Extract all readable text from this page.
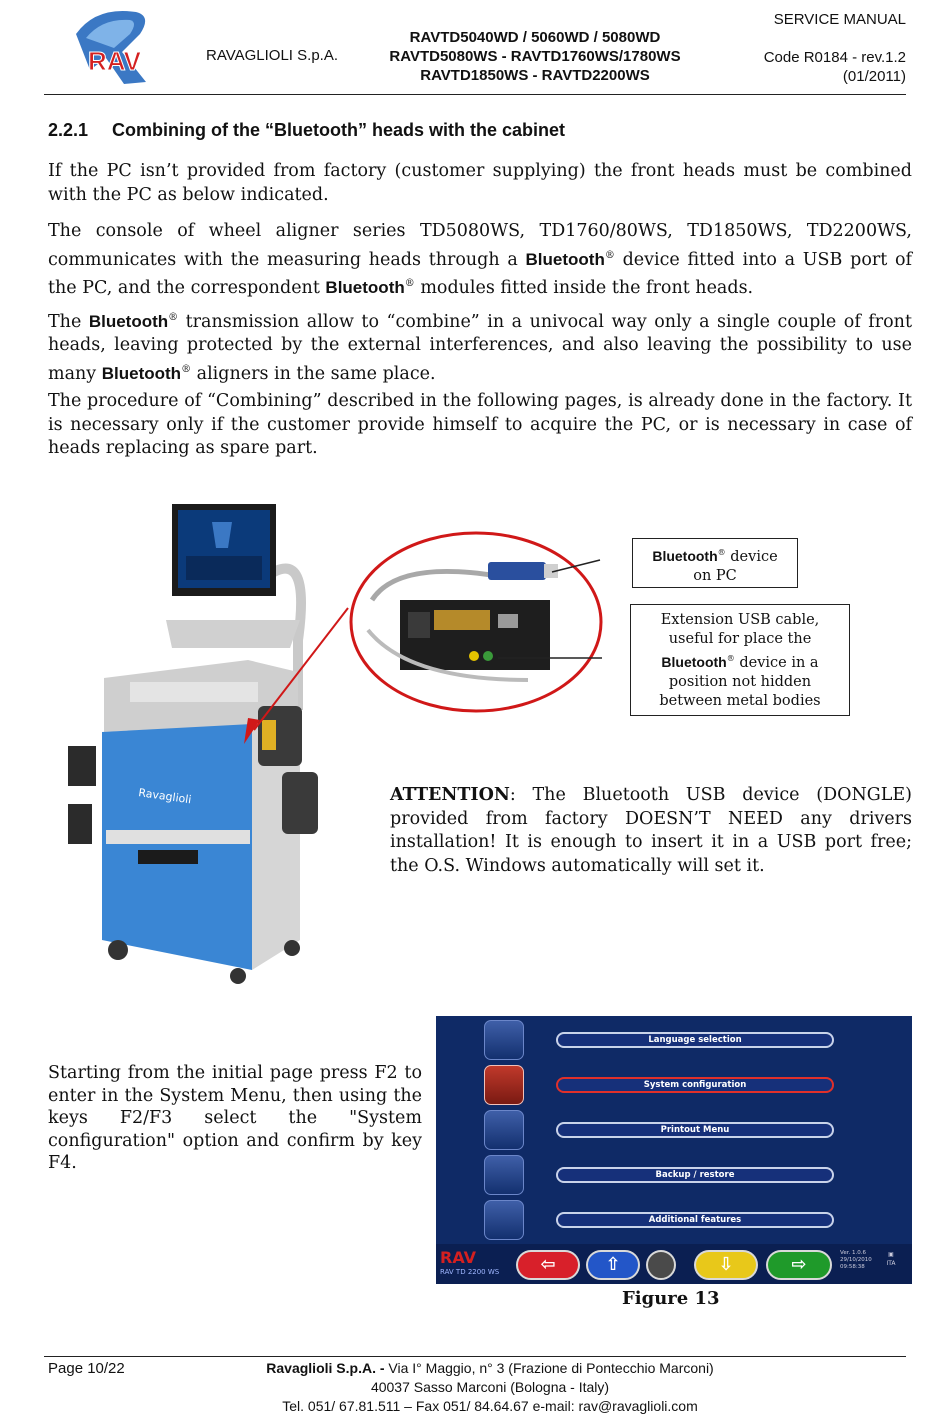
RAV	RAVAGLIOLI S.p.A.
RAVTD5040WD / 5060WD / 5080WD
RAVTD5080WS - RAVTD1760WS/1780WS
RAVTD1850WS - RAVTD2200WS
SERVICE MANUAL
Code R0184 - rev.1.2
(01/2011)
2.2.1 Combining of the “Bluetooth” heads with the cabinet
If the PC isn’t provided from factory (customer supplying) the front heads must be combined with the PC as below indicated.
The console of wheel aligner series TD5080WS, TD1760/80WS, TD1850WS, TD2200WS, communicates with the measuring heads through a Bluetooth® device fitted into a USB port of the PC, and the correspondent Bluetooth® modules fitted inside the front heads.
The Bluetooth® transmission allow to “combine” in a univocal way only a single couple of front heads, leaving protected by the external interferences, and also leaving the possibility to use many Bluetooth® aligners in the same place.
The procedure of “Combining” described in the following pages, is already done in the factory. It is necessary only if the customer provide himself to acquire the PC, or is necessary in case of heads replacing as spare part.
Ravaglioli
Bluetooth® device
on PC
Extension USB cable,
useful for place the
Bluetooth® device in a
position not hidden
between metal bodies
ATTENTION: The Bluetooth USB device (DONGLE) provided from factory DOESN’T NEED any drivers installation! It is enough to insert it in a USB port free; the O.S. Windows automatically will set it.
Starting from the initial page press F2 to enter in the System Menu, then using the keys F2/F3 select the "System configuration" option and confirm by key F4.
Language selection
System configuration
Printout Menu
Backup / restore
Additional features
RAV
RAV TD 2200 WS	⇦	⇧	⇩	⇨
Ver. 1.0.6
29/10/2010
09:58:38
▣
ITA
Figure 13
Page 10/22	Ravaglioli S.p.A. - Via I° Maggio, n° 3 (Frazione di Pontecchio Marconi)
40037 Sasso Marconi (Bologna - Italy)
Tel. 051/ 67.81.511 – Fax 051/ 84.64.67 e-mail: rav@ravaglioli.com
